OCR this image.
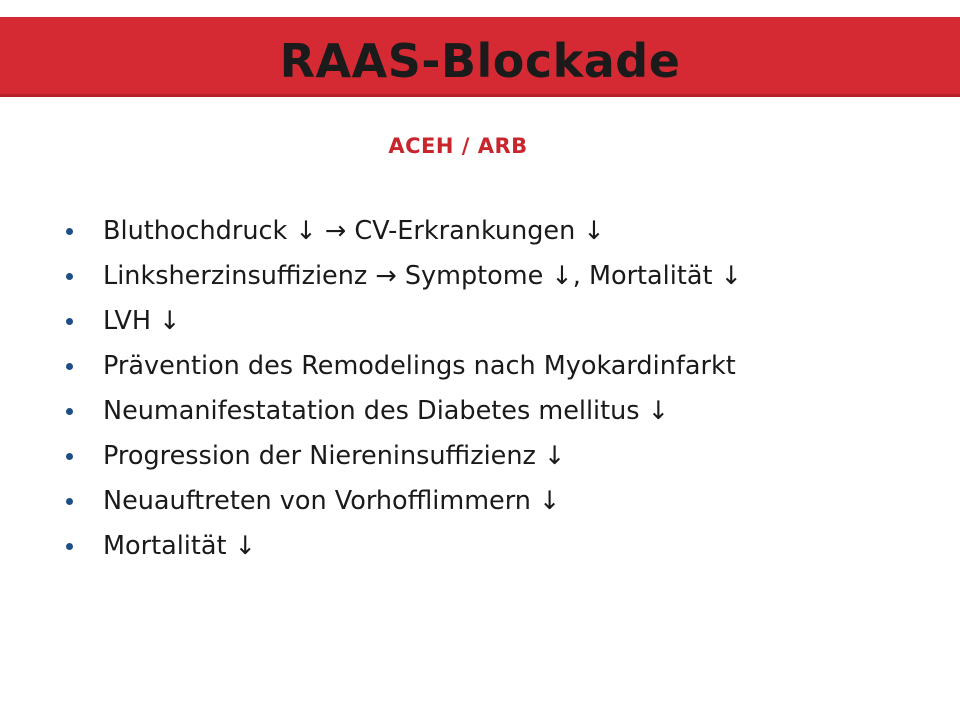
RAAS-Blockade
ACEH / ARB
Bluthochdruck ↓ → CV-Erkrankungen ↓
Linksherzinsuffizienz → Symptome ↓, Mortalität ↓
LVH ↓
Prävention des Remodelings nach Myokardinfarkt
Neumanifestatation des Diabetes mellitus ↓
Progression der Niereninsuffizienz ↓
Neuauftreten von Vorhofflimmern ↓
Mortalität ↓
